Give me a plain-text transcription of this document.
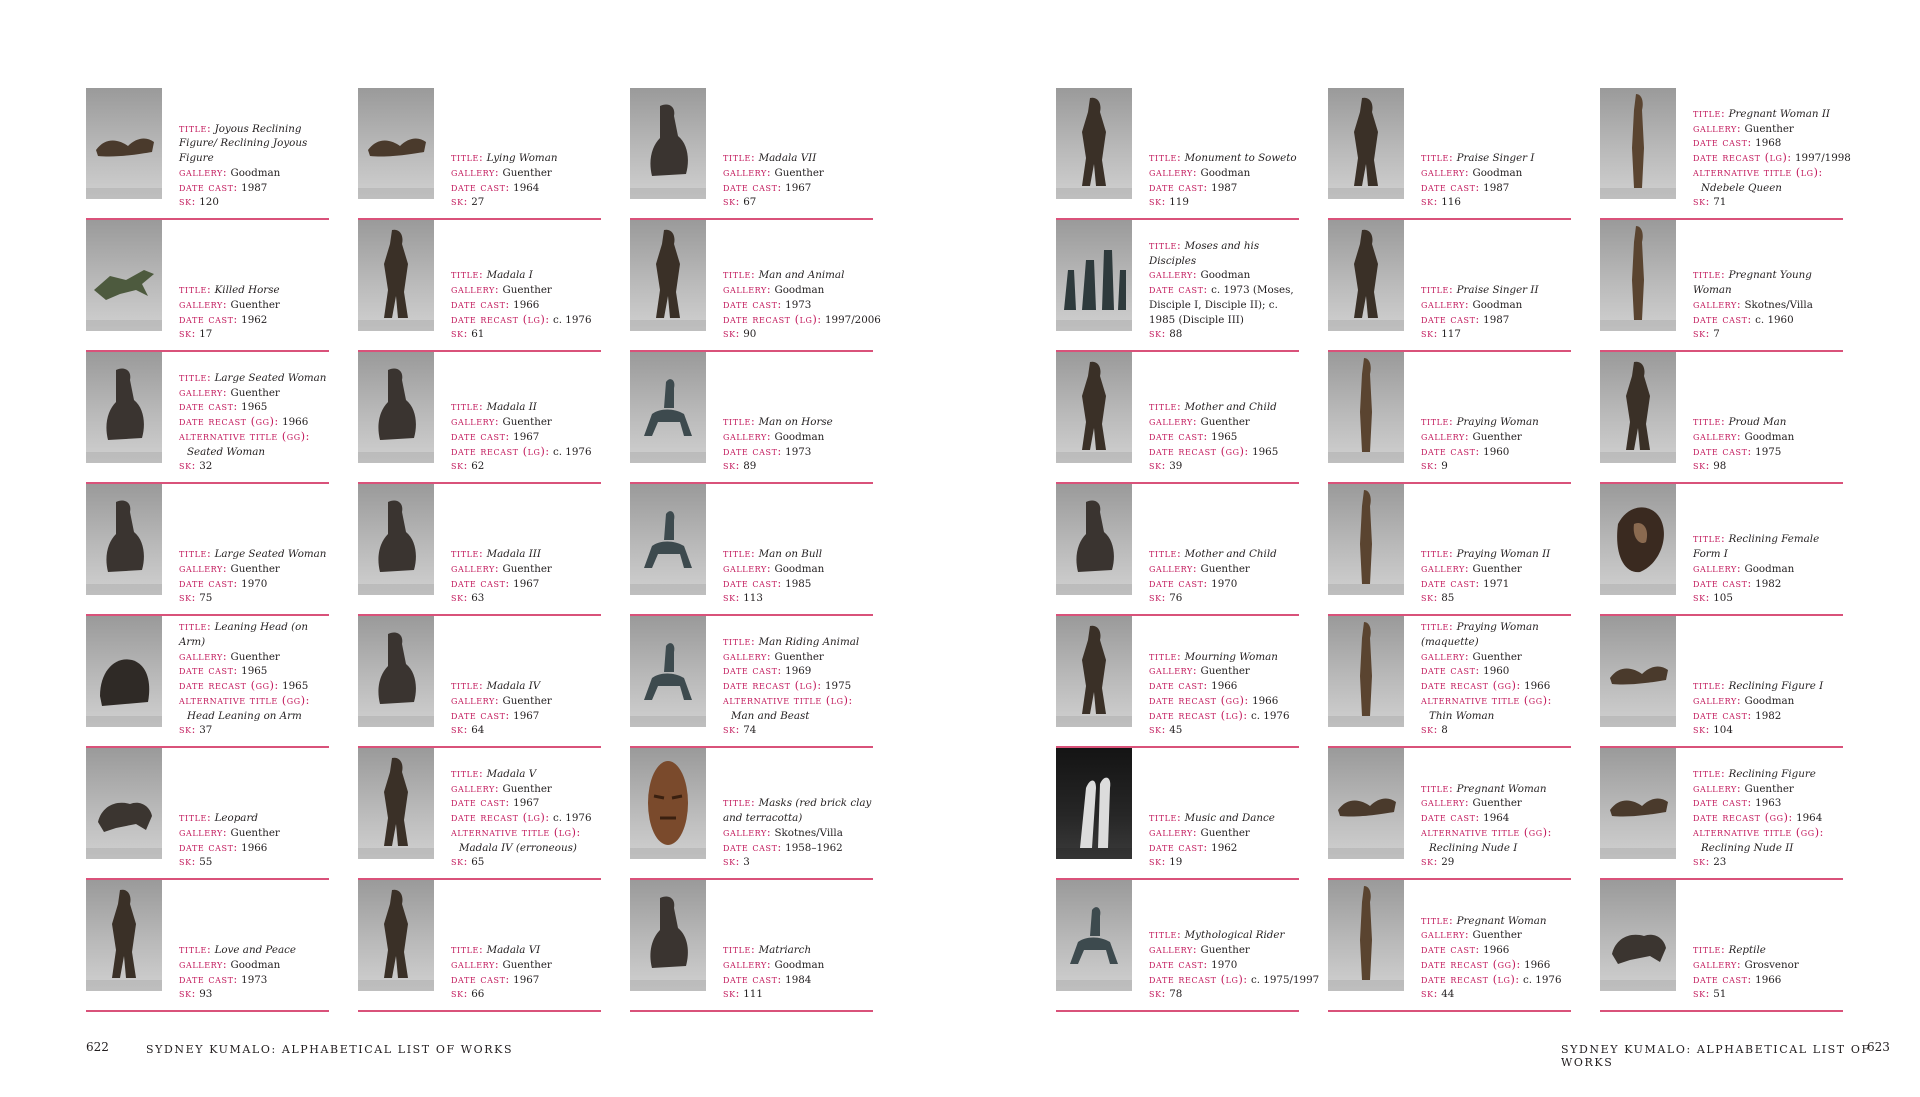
title: Joyous Reclining Figure/ Reclining Joyous Figure
gallery: Goodman
date cast: 1987
sk: 120
title: Killed Horse
gallery: Guenther
date cast: 1962
sk: 17
title: Large Seated Woman
gallery: Guenther
date cast: 1965
date recast (gg): 1966
alternative title (gg):
Seated Woman
sk: 32
title: Large Seated Woman
gallery: Guenther
date cast: 1970
sk: 75
title: Leaning Head (on Arm)
gallery: Guenther
date cast: 1965
date recast (gg): 1965
alternative title (gg):
Head Leaning on Arm
sk: 37
title: Leopard
gallery: Guenther
date cast: 1966
sk: 55
title: Love and Peace
gallery: Goodman
date cast: 1973
sk: 93
title: Lying Woman
gallery: Guenther
date cast: 1964
sk: 27
title: Madala I
gallery: Guenther
date cast: 1966
date recast (lg): c. 1976
sk: 61
title: Madala II
gallery: Guenther
date cast: 1967
date recast (lg): c. 1976
sk: 62
title: Madala III
gallery: Guenther
date cast: 1967
sk: 63
title: Madala IV
gallery: Guenther
date cast: 1967
sk: 64
title: Madala V
gallery: Guenther
date cast: 1967
date recast (lg): c. 1976
alternative title (lg):
Madala IV (erroneous)
sk: 65
title: Madala VI
gallery: Guenther
date cast: 1967
sk: 66
title: Madala VII
gallery: Guenther
date cast: 1967
sk: 67
title: Man and Animal
gallery: Goodman
date cast: 1973
date recast (lg): 1997/2006
sk: 90
title: Man on Horse
gallery: Goodman
date cast: 1973
sk: 89
title: Man on Bull
gallery: Goodman
date cast: 1985
sk: 113
title: Man Riding Animal
gallery: Guenther
date cast: 1969
date recast (lg): 1975
alternative title (lg):
Man and Beast
sk: 74
title: Masks (red brick clay and terracotta)
gallery: Skotnes/Villa
date cast: 1958–1962
sk: 3
title: Matriarch
gallery: Goodman
date cast: 1984
sk: 111
title: Monument to Soweto
gallery: Goodman
date cast: 1987
sk: 119
title: Moses and his Disciples
gallery: Goodman
date cast: c. 1973 (Moses, Disciple I, Disciple II); c. 1985 (Disciple III)
sk: 88
title: Mother and Child
gallery: Guenther
date cast: 1965
date recast (gg): 1965
sk: 39
title: Mother and Child
gallery: Guenther
date cast: 1970
sk: 76
title: Mourning Woman
gallery: Guenther
date cast: 1966
date recast (gg): 1966
date recast (lg): c. 1976
sk: 45
title: Music and Dance
gallery: Guenther
date cast: 1962
sk: 19
title: Mythological Rider
gallery: Guenther
date cast: 1970
date recast (lg): c. 1975/1997
sk: 78
title: Praise Singer I
gallery: Goodman
date cast: 1987
sk: 116
title: Praise Singer II
gallery: Goodman
date cast: 1987
sk: 117
title: Praying Woman
gallery: Guenther
date cast: 1960
sk: 9
title: Praying Woman II
gallery: Guenther
date cast: 1971
sk: 85
title: Praying Woman (maquette)
gallery: Guenther
date cast: 1960
date recast (gg): 1966
alternative title (gg):
Thin Woman
sk: 8
title: Pregnant Woman
gallery: Guenther
date cast: 1964
alternative title (gg):
Reclining Nude I
sk: 29
title: Pregnant Woman
gallery: Guenther
date cast: 1966
date recast (gg): 1966
date recast (lg): c. 1976
sk: 44
title: Pregnant Woman II
gallery: Guenther
date cast: 1968
date recast (lg): 1997/1998
alternative title (lg):
Ndebele Queen
sk: 71
title: Pregnant Young Woman
gallery: Skotnes/Villa
date cast: c. 1960
sk: 7
title: Proud Man
gallery: Goodman
date cast: 1975
sk: 98
title: Reclining Female Form I
gallery: Goodman
date cast: 1982
sk: 105
title: Reclining Figure I
gallery: Goodman
date cast: 1982
sk: 104
title: Reclining Figure
gallery: Guenther
date cast: 1963
date recast (gg): 1964
alternative title (gg):
Reclining Nude II
sk: 23
title: Reptile
gallery: Grosvenor
date cast: 1966
sk: 51
622	SYDNEY KUMALO: ALPHABETICAL LIST OF WORKS	SYDNEY KUMALO: ALPHABETICAL LIST OF WORKS
623
